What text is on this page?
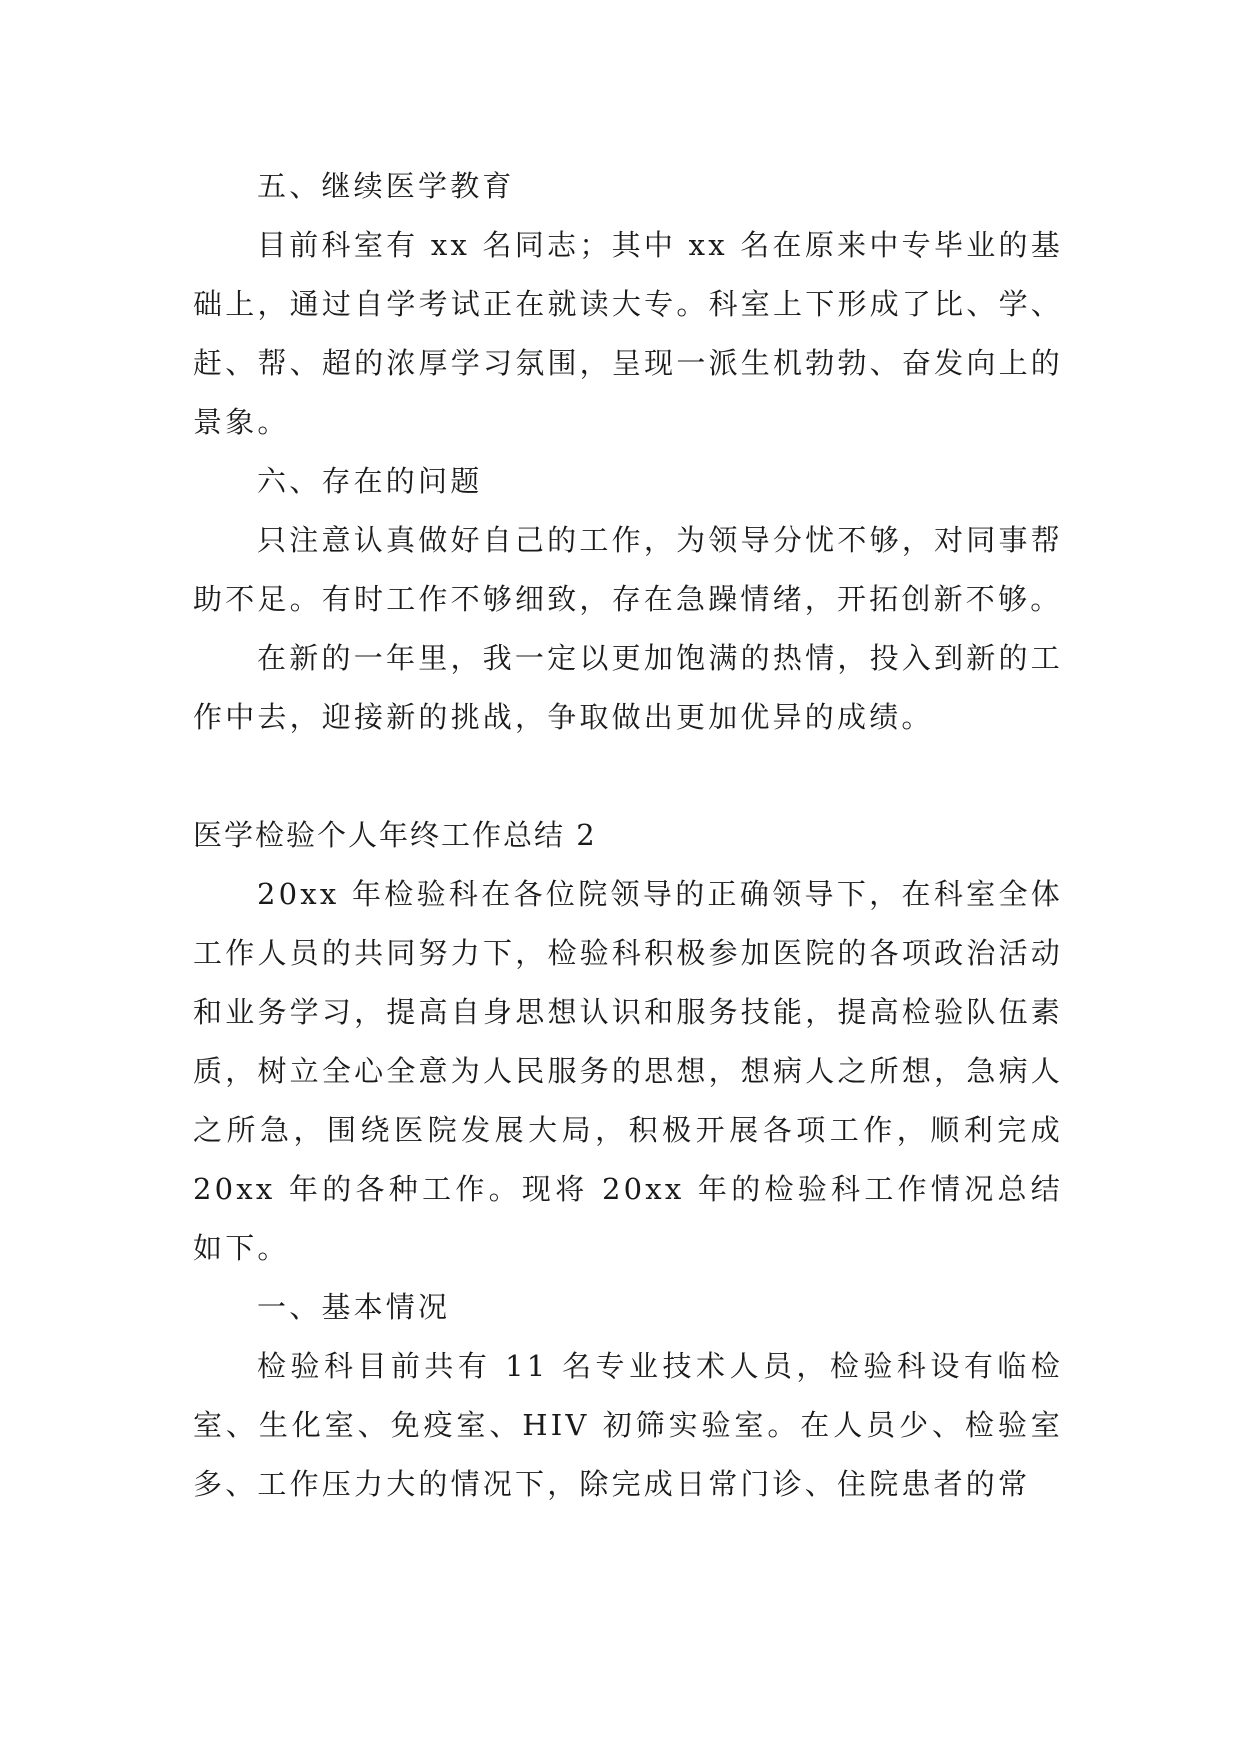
五、继续医学教育

目前科室有 xx 名同志；其中 xx 名在原来中专毕业的基础上，通过自学考试正在就读大专。科室上下形成了比、学、赶、帮、超的浓厚学习氛围，呈现一派生机勃勃、奋发向上的景象。

六、存在的问题

只注意认真做好自己的工作，为领导分忧不够，对同事帮助不足。有时工作不够细致，存在急躁情绪，开拓创新不够。

在新的一年里，我一定以更加饱满的热情，投入到新的工作中去，迎接新的挑战，争取做出更加优异的成绩。

医学检验个人年终工作总结 2

20xx 年检验科在各位院领导的正确领导下，在科室全体工作人员的共同努力下，检验科积极参加医院的各项政治活动和业务学习，提高自身思想认识和服务技能，提高检验队伍素质，树立全心全意为人民服务的思想，想病人之所想，急病人之所急，围绕医院发展大局，积极开展各项工作，顺利完成 20xx 年的各种工作。现将 20xx 年的检验科工作情况总结如下。

一、基本情况

检验科目前共有 11 名专业技术人员，检验科设有临检室、生化室、免疫室、HIV 初筛实验室。在人员少、检验室多、工作压力大的情况下，除完成日常门诊、住院患者的常
